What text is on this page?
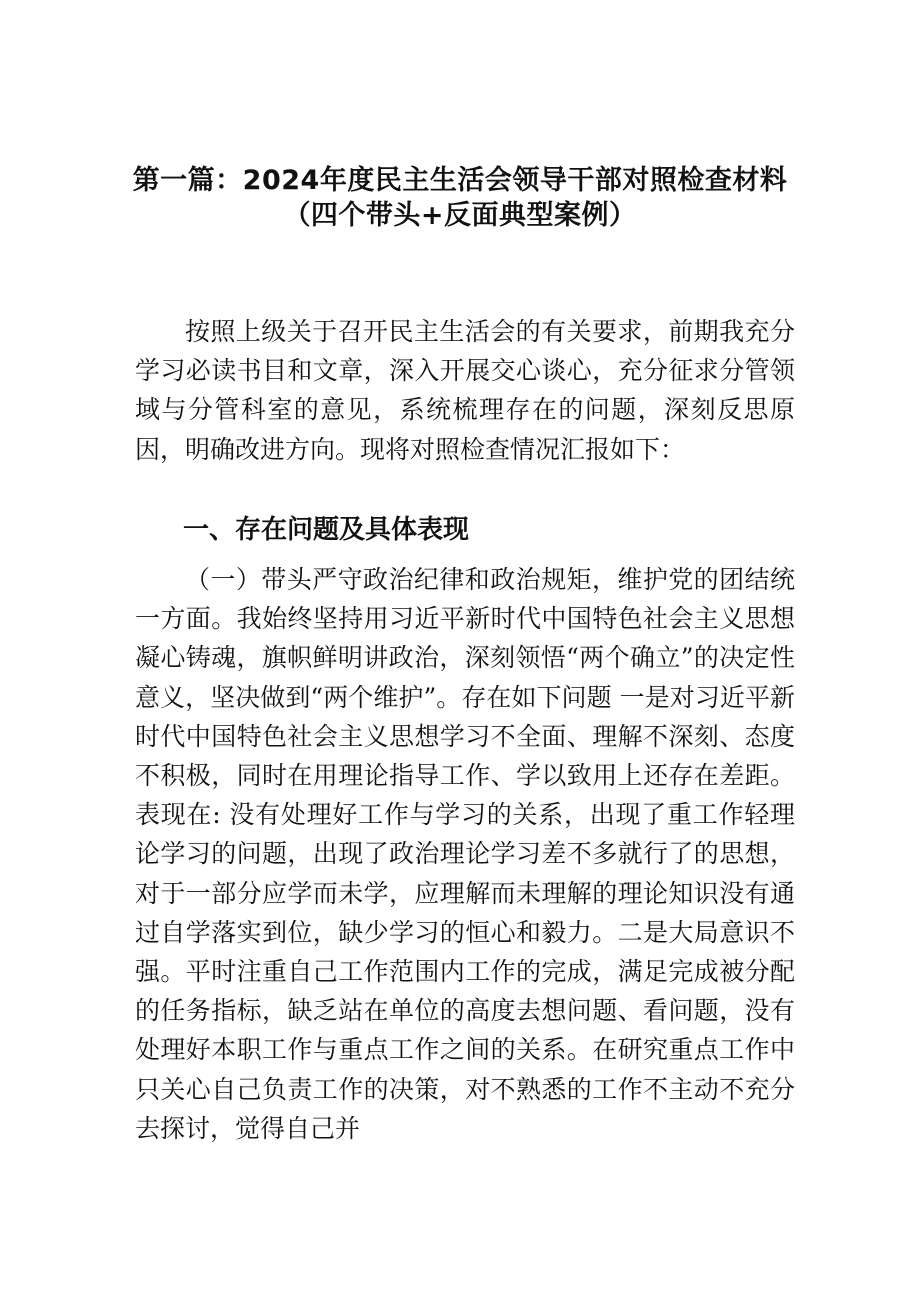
第一篇：2024年度民主生活会领导干部对照检查材料
（四个带头+反面典型案例）

按照上级关于召开民主生活会的有关要求，前期我充分学习必读书目和文章，深入开展交心谈心，充分征求分管领域与分管科室的意见，系统梳理存在的问题，深刻反思原因，明确改进方向。现将对照检查情况汇报如下：

一、存在问题及具体表现

（一）带头严守政治纪律和政治规矩，维护党的团结统一方面。我始终坚持用习近平新时代中国特色社会主义思想凝心铸魂，旗帜鲜明讲政治，深刻领悟“两个确立”的决定性意义，坚决做到“两个维护”。存在如下问题 一是对习近平新时代中国特色社会主义思想学习不全面、理解不深刻、态度不积极，同时在用理论指导工作、学以致用上还存在差距。表现在: 没有处理好工作与学习的关系，出现了重工作轻理论学习的问题，出现了政治理论学习差不多就行了的思想，对于一部分应学而未学，应理解而未理解的理论知识没有通过自学落实到位，缺少学习的恒心和毅力。二是大局意识不强。平时注重自己工作范围内工作的完成，满足完成被分配的任务指标，缺乏站在单位的高度去想问题、看问题，没有处理好本职工作与重点工作之间的关系。在研究重点工作中只关心自己负责工作的决策，对不熟悉的工作不主动不充分去探讨，觉得自己并
